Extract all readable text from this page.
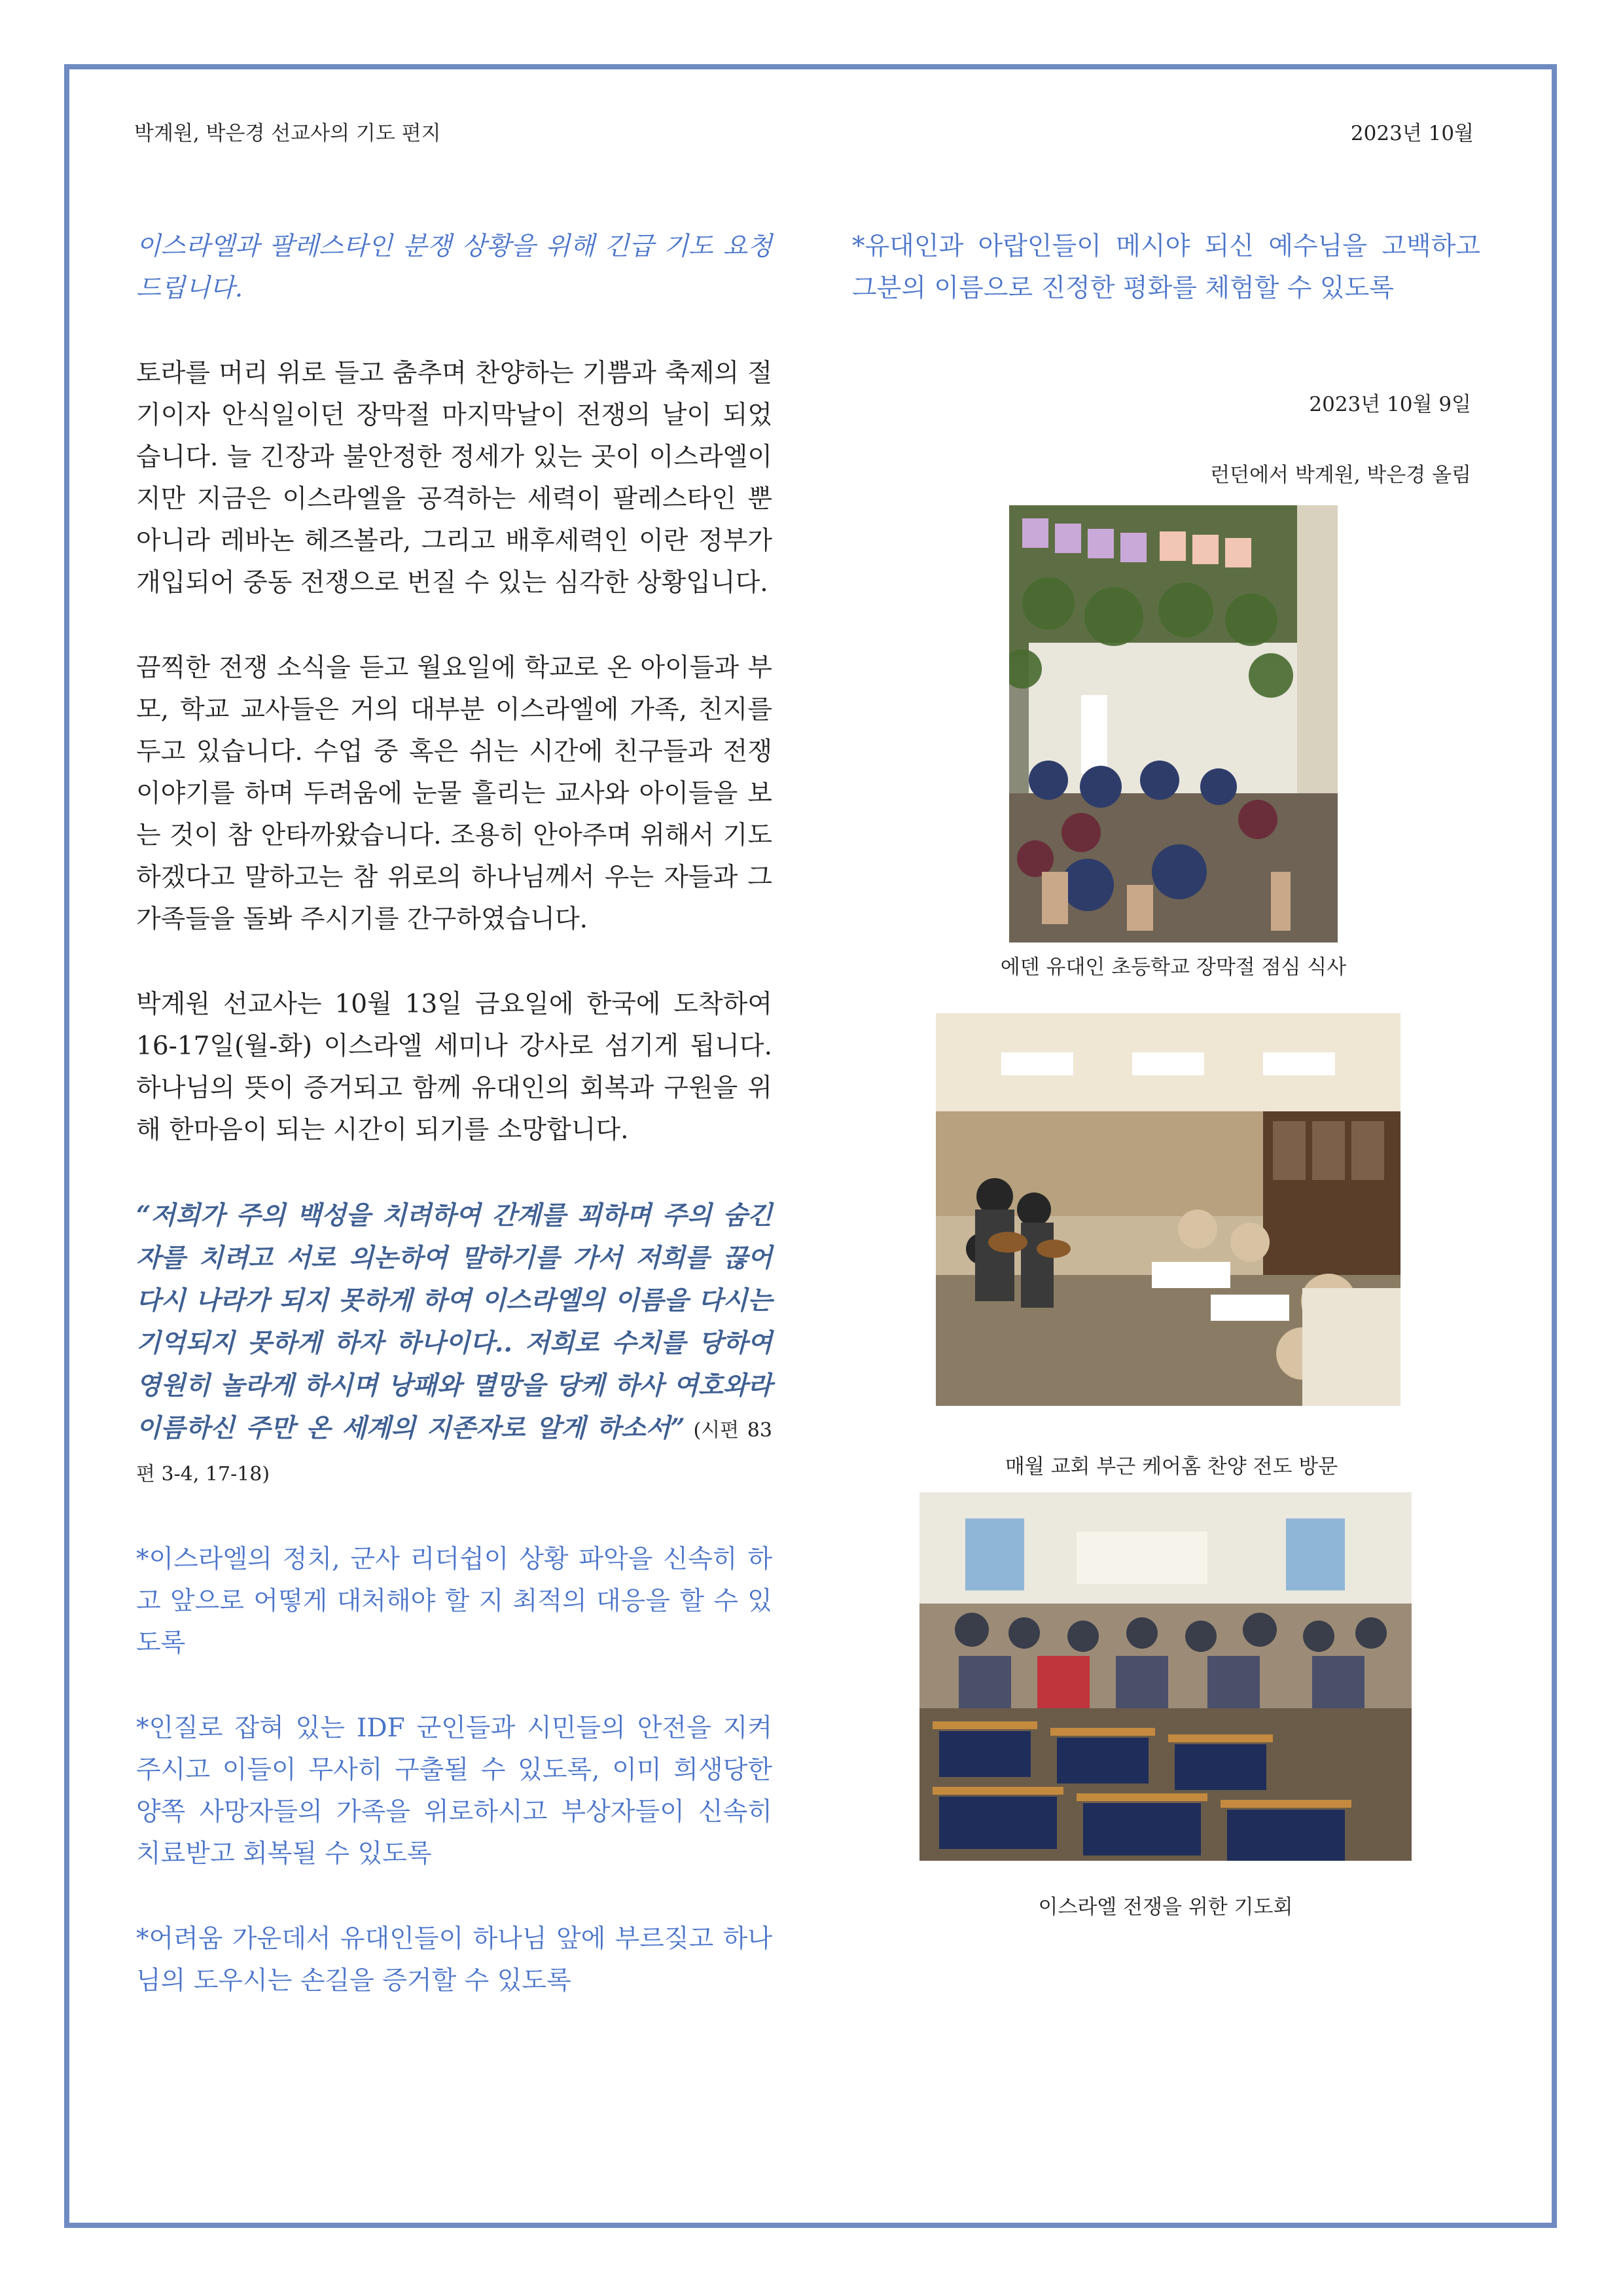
박계원, 박은경 선교사의 기도 편지	2023년 10월

이스라엘과 팔레스타인 분쟁 상황을 위해 긴급 기도 요청 드립니다.

토라를 머리 위로 들고 춤추며 찬양하는 기쁨과 축제의 절기이자 안식일이던 장막절 마지막날이 전쟁의 날이 되었습니다. 늘 긴장과 불안정한 정세가 있는 곳이 이스라엘이지만 지금은 이스라엘을 공격하는 세력이 팔레스타인 뿐 아니라 레바논 헤즈볼라, 그리고 배후세력인 이란 정부가 개입되어 중동 전쟁으로 번질 수 있는 심각한 상황입니다.

끔찍한 전쟁 소식을 듣고 월요일에 학교로 온 아이들과 부모, 학교 교사들은 거의 대부분 이스라엘에 가족, 친지를 두고 있습니다. 수업 중 혹은 쉬는 시간에 친구들과 전쟁 이야기를 하며 두려움에 눈물 흘리는 교사와 아이들을 보는 것이 참 안타까왔습니다. 조용히 안아주며 위해서 기도하겠다고 말하고는 참 위로의 하나님께서 우는 자들과 그 가족들을 돌봐 주시기를 간구하였습니다.

박계원 선교사는 10월 13일 금요일에 한국에 도착하여 16-17일(월-화) 이스라엘 세미나 강사로 섬기게 됩니다. 하나님의 뜻이 증거되고 함께 유대인의 회복과 구원을 위해 한마음이 되는 시간이 되기를 소망합니다.

“저희가 주의 백성을 치려하여 간계를 꾀하며 주의 숨긴 자를 치려고 서로 의논하여 말하기를 가서 저희를 끊어 다시 나라가 되지 못하게 하여 이스라엘의 이름을 다시는 기억되지 못하게 하자 하나이다.. 저희로 수치를 당하여 영원히 놀라게 하시며 낭패와 멸망을 당케 하사 여호와라 이름하신 주만 온 세계의 지존자로 알게 하소서” (시편 83편 3-4, 17-18)

*이스라엘의 정치, 군사 리더쉽이 상황 파악을 신속히 하고 앞으로 어떻게 대처해야 할 지 최적의 대응을 할 수 있도록

*인질로 잡혀 있는 IDF 군인들과 시민들의 안전을 지켜 주시고 이들이 무사히 구출될 수 있도록, 이미 희생당한 양쪽 사망자들의 가족을 위로하시고 부상자들이 신속히 치료받고 회복될 수 있도록

*어려움 가운데서 유대인들이 하나님 앞에 부르짖고 하나님의 도우시는 손길을 증거할 수 있도록

*유대인과 아랍인들이 메시야 되신 예수님을 고백하고 그분의 이름으로 진정한 평화를 체험할 수 있도록

2023년 10월 9일
런던에서 박계원, 박은경 올림
에덴 유대인 초등학교 장막절 점심 식사
매월 교회 부근 케어홈 찬양 전도 방문
이스라엘 전쟁을 위한 기도회
